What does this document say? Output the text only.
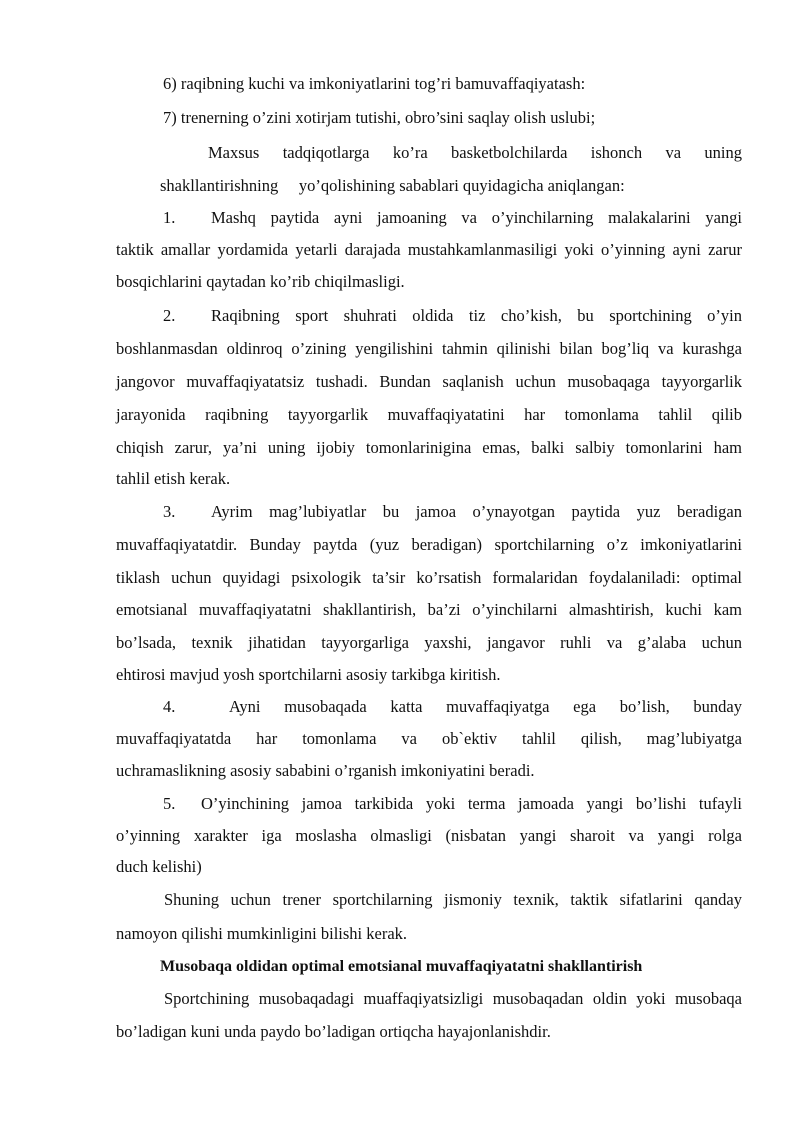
6) raqibning kuchi va imkoniyatlarini tog’ri bamuvaffaqiyatash:
7) trenerning o’zini xotirjam tutishi, obro’sini saqlay olish uslubi;
Maxsus tadqiqotlarga ko’ra basketbolchilarda ishonch va uning
shakllantirishning     yo’qolishining sabablari quyidagicha aniqlangan:
1. Mashq paytida ayni jamoaning va o’yinchilarning malakalarini yangi
taktik amallar yordamida yetarli darajada mustahkamlanmasiligi yoki o’yinning ayni zarur
bosqichlarini qaytadan ko’rib chiqilmasligi.
2. Raqibning sport shuhrati oldida tiz cho’kish, bu sportchining o’yin
boshlanmasdan oldinroq o’zining yengilishini tahmin qilinishi bilan bog’liq va kurashga
jangovor muvaffaqiyatatsiz tushadi. Bundan saqlanish uchun musobaqaga tayyorgarlik
jarayonida raqibning tayyorgarlik muvaffaqiyatatini har tomonlama tahlil qilib
chiqish zarur, ya’ni uning ijobiy tomonlarinigina emas, balki salbiy tomonlarini ham
tahlil etish kerak.
3. Ayrim mag’lubiyatlar bu jamoa o’ynayotgan paytida yuz beradigan
muvaffaqiyatatdir. Bunday paytda (yuz beradigan) sportchilarning o’z imkoniyatlarini
tiklash uchun quyidagi psixologik ta’sir ko’rsatish formalaridan foydalaniladi: optimal
emotsianal muvaffaqiyatatni shakllantirish, ba’zi o’yinchilarni almashtirish, kuchi kam
bo’lsada, texnik jihatidan tayyorgarliga yaxshi, jangavor ruhli va g’alaba uchun
ehtirosi mavjud yosh sportchilarni asosiy tarkibga kiritish.
4.	Ayni musobaqada katta muvaffaqiyatga ega bo’lish, bunday
muvaffaqiyatatda har tomonlama va ob`ektiv tahlil qilish, mag’lubiyatga
uchramaslikning asosiy sababini o’rganish imkoniyatini beradi.
5. O’yinchining jamoa tarkibida yoki terma jamoada yangi bo’lishi tufayli
o’yinning xarakter iga moslasha olmasligi (nisbatan yangi sharoit va yangi rolga
duch kelishi)
Shuning uchun trener sportchilarning jismoniy texnik, taktik sifatlarini qanday
namoyon qilishi mumkinligini bilishi kerak.
Musobaqa oldidan optimal emotsianal muvaffaqiyatatni shakllantirish
Sportchining musobaqadagi muaffaqiyatsizligi musobaqadan oldin yoki musobaqa
bo’ladigan kuni unda paydo bo’ladigan ortiqcha hayajonlanishdir.
